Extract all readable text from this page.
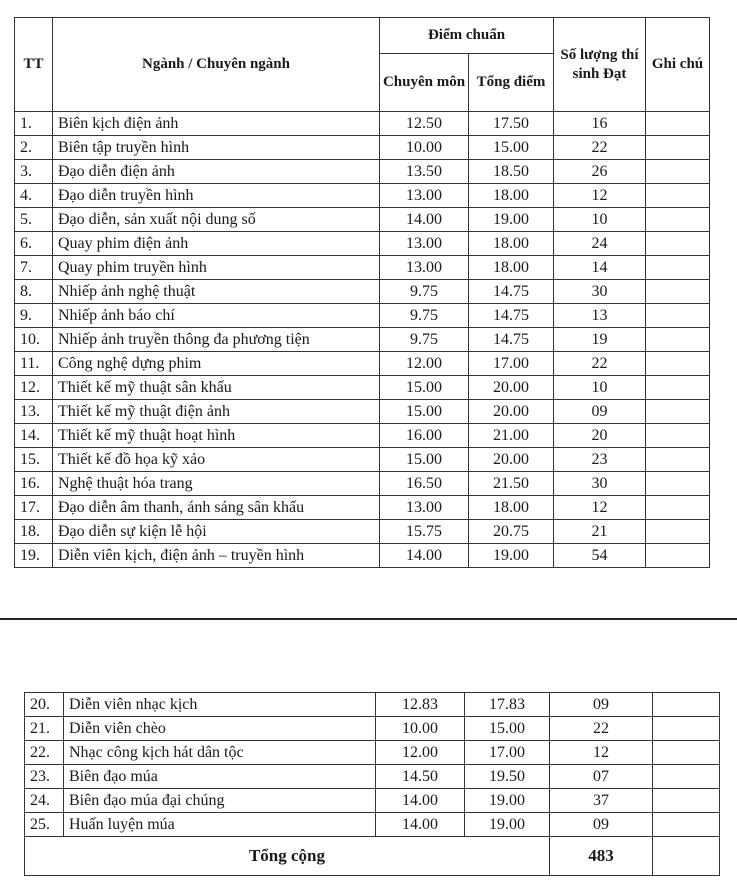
TT	Ngành / Chuyên ngành	Điểm chuẩn		Số lượng thí sinh Đạt	Ghi chú
		Chuyên môn	Tổng điểm		
1.	Biên kịch điện ảnh	12.50	17.50	16	
2.	Biên tập truyền hình	10.00	15.00	22	
3.	Đạo diễn điện ảnh	13.50	18.50	26	
4.	Đạo diễn truyền hình	13.00	18.00	12	
5.	Đạo diễn, sản xuất nội dung số	14.00	19.00	10	
6.	Quay phim điện ảnh	13.00	18.00	24	
7.	Quay phim truyền hình	13.00	18.00	14	
8.	Nhiếp ảnh nghệ thuật	9.75	14.75	30	
9.	Nhiếp ảnh báo chí	9.75	14.75	13	
10.	Nhiếp ảnh truyền thông đa phương tiện	9.75	14.75	19	
11.	Công nghệ dựng phim	12.00	17.00	22	
12.	Thiết kế mỹ thuật sân khấu	15.00	20.00	10	
13.	Thiết kế mỹ thuật điện ảnh	15.00	20.00	09	
14.	Thiết kế mỹ thuật hoạt hình	16.00	21.00	20	
15.	Thiết kế đồ họa kỹ xảo	15.00	20.00	23	
16.	Nghệ thuật hóa trang	16.50	21.50	30	
17.	Đạo diễn âm thanh, ánh sáng sân khấu	13.00	18.00	12	
18.	Đạo diễn sự kiện lễ hội	15.75	20.75	21	
19.	Diễn viên kịch, điện ảnh – truyền hình	14.00	19.00	54	
20.	Diễn viên nhạc kịch	12.83	17.83	09	
21.	Diễn viên chèo	10.00	15.00	22	
22.	Nhạc công kịch hát dân tộc	12.00	17.00	12	
23.	Biên đạo múa	14.50	19.50	07	
24.	Biên đạo múa đại chúng	14.00	19.00	37	
25.	Huấn luyện múa	14.00	19.00	09	
Tổng cộng				483	
